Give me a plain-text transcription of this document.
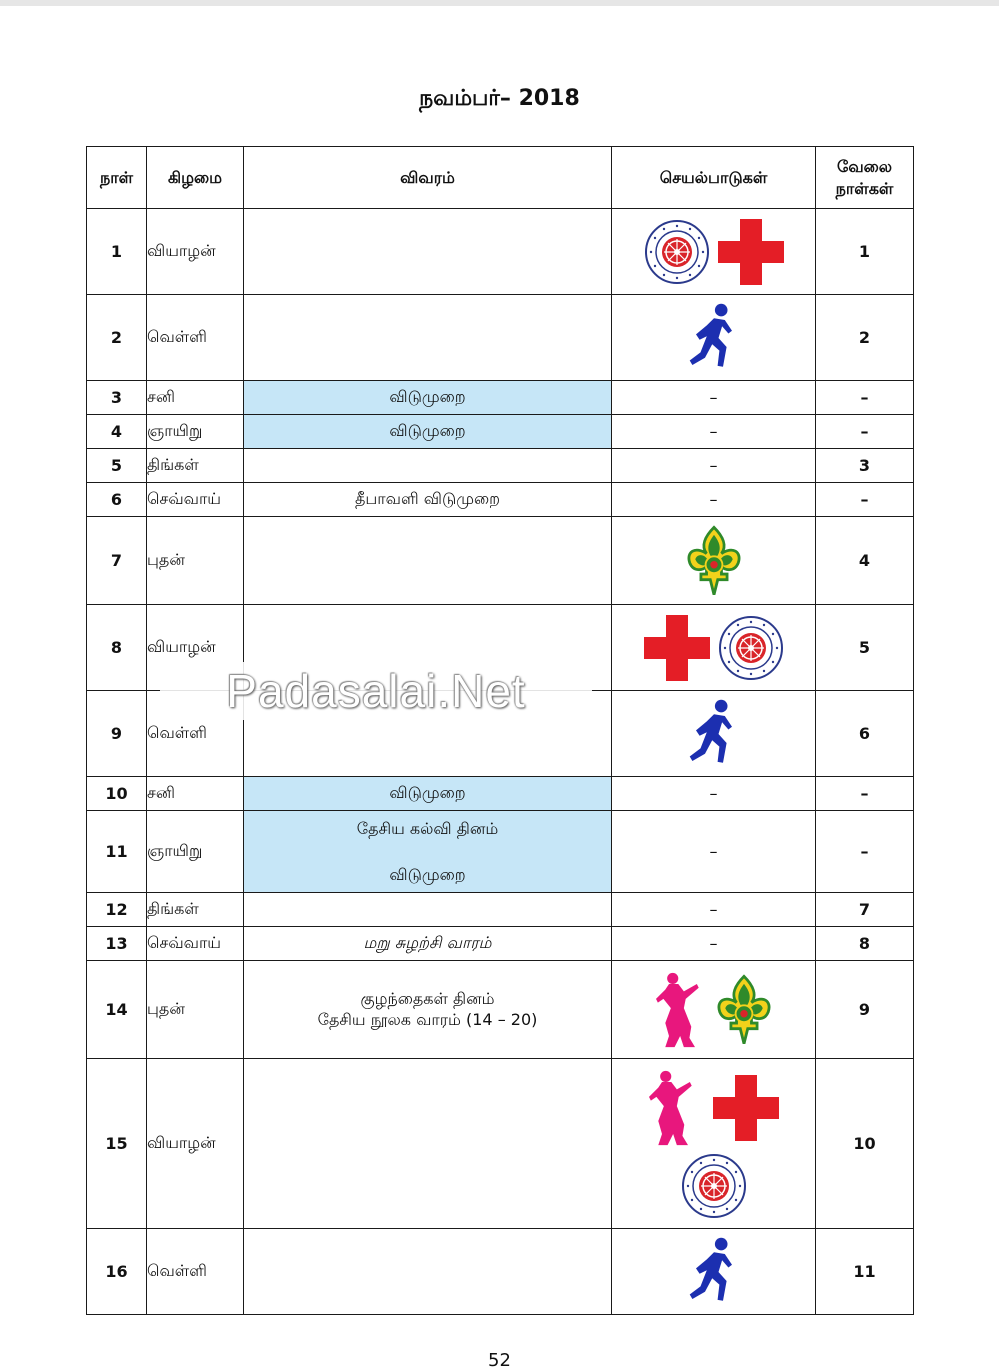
நவம்பர்– 2018
நாள்	கிழமை	விவரம்	செயல்பாடுகள்	வேலை நாள்கள்
1	வியாழன்			1
2	வெள்ளி			2
3	சனி	விடுமுறை	–	–
4	ஞாயிறு	விடுமுறை	–	–
5	திங்கள்		–	3
6	செவ்வாய்	தீபாவளி விடுமுறை	–	–
7	புதன்			4
8	வியாழன்			5
9	வெள்ளி			6
10	சனி	விடுமுறை	–	–
11	ஞாயிறு	தேசிய கல்வி தினம்
விடுமுறை	–	–
12	திங்கள்		–	7
13	செவ்வாய்	மறு சுழற்சி வாரம்	–	8
14	புதன்	குழந்தைகள் தினம்
தேசிய நூலக வாரம் (14 – 20)		9
15	வியாழன்			10
16	வெள்ளி			11
Padasalai.Net
52
